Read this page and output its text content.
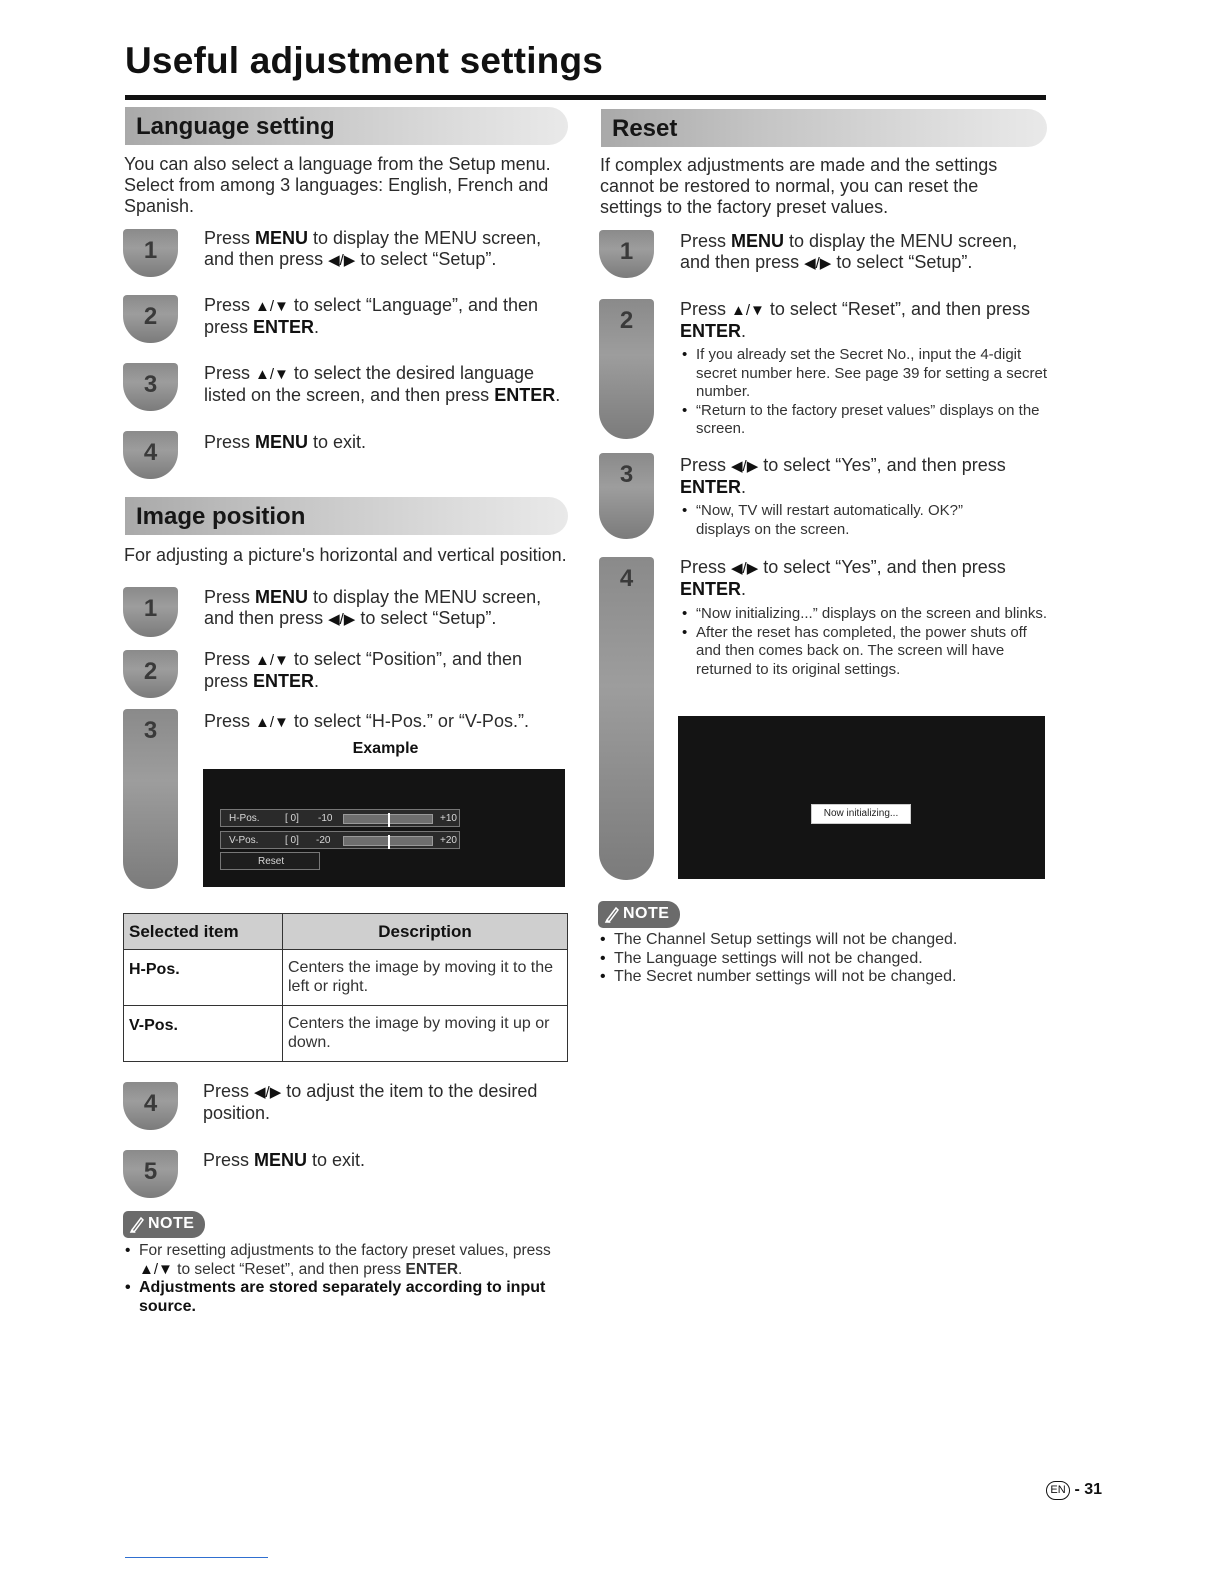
Useful adjustment settings
Language setting
You can also select a language from the Setup menu. Select from among 3 languages: English, French and Spanish.
1	Press MENU to display the MENU screen, and then press ◀/▶ to select “Setup”.
2	Press ▲/▼ to select “Language”, and then press ENTER.
3	Press ▲/▼ to select the desired language listed on the screen, and then press ENTER.
4	Press MENU to exit.
Image position
For adjusting a picture's horizontal and vertical position.
1	Press MENU to display the MENU screen, and then press ◀/▶ to select “Setup”.
2	Press ▲/▼ to select “Position”, and then press ENTER.
3	Press ▲/▼ to select “H-Pos.” or “V-Pos.”.
Example
H-Pos.	[ 0] -10	+10
V-Pos.	[ 0] -20	+20
Reset
Selected item	Description
H-Pos.	Centers the image by moving it to the left or right.
V-Pos.	Centers the image by moving it up or down.
4	Press ◀/▶ to adjust the item to the desired position.
5	Press MENU to exit.
NOTE
• For resetting adjustments to the factory preset values, press ▲/▼ to select “Reset”, and then press ENTER.
• Adjustments are stored separately according to input source.
Reset
If complex adjustments are made and the settings cannot be restored to normal, you can reset the settings to the factory preset values.
1	Press MENU to display the MENU screen, and then press ◀/▶ to select “Setup”.
2	Press ▲/▼ to select “Reset”, and then press
ENTER.
• If you already set the Secret No., input the 4-digit secret number here. See page 39 for setting a secret number.
• “Return to the factory preset values” displays on the screen.
3	Press ◀/▶ to select “Yes”, and then press
ENTER.
• “Now, TV will restart automatically. OK?” displays on the screen.
4	Press ◀/▶ to select “Yes”, and then press
ENTER.
• “Now initializing...” displays on the screen and blinks.
• After the reset has completed, the power shuts off and then comes back on. The screen will have returned to its original settings.
Now initializing...
NOTE
• The Channel Setup settings will not be changed.
• The Language settings will not be changed.
• The Secret number settings will not be changed.
EN - 31
